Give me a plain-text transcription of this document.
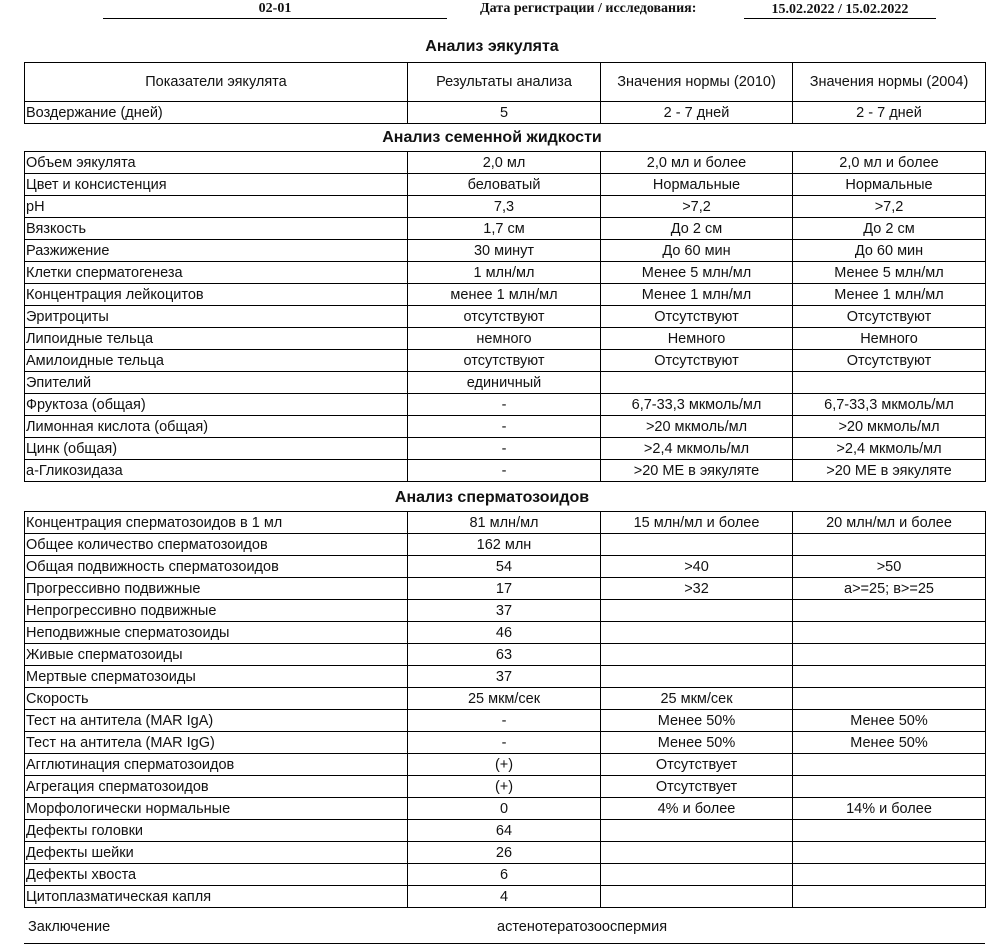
02-01	Дата регистрации / исследования:	15.02.2022 / 15.02.2022
Анализ эякулята
Показатели эякулята	Результаты анализа	Значения нормы (2010)	Значения нормы (2004)
Воздержание (дней)	5	2 - 7 дней	2 - 7 дней
Анализ семенной жидкости
Объем эякулята	2,0 мл	2,0 мл и более	2,0 мл и более
Цвет и консистенция	беловатый	Нормальные	Нормальные
pH	7,3	>7,2	>7,2
Вязкость	1,7 см	До 2 см	До 2 см
Разжижение	30 минут	До 60 мин	До 60 мин
Клетки сперматогенеза	1 млн/мл	Менее 5 млн/мл	Менее 5 млн/мл
Концентрация лейкоцитов	менее 1 млн/мл	Менее 1 млн/мл	Менее 1 млн/мл
Эритроциты	отсутствуют	Отсутствуют	Отсутствуют
Липоидные тельца	немного	Немного	Немного
Амилоидные тельца	отсутствуют	Отсутствуют	Отсутствуют
Эпителий	единичный		
Фруктоза (общая)	-	6,7-33,3 мкмоль/мл	6,7-33,3 мкмоль/мл
Лимонная кислота (общая)	-	>20 мкмоль/мл	>20 мкмоль/мл
Цинк (общая)	-	>2,4 мкмоль/мл	>2,4 мкмоль/мл
а-Гликозидаза	-	>20 МЕ в эякуляте	>20 МЕ в эякуляте
Анализ сперматозоидов
Концентрация сперматозоидов в 1 мл	81 млн/мл	15 млн/мл и более	20 млн/мл и более
Общее количество сперматозоидов	162 млн		
Общая подвижность сперматозоидов	54	>40	>50
Прогрессивно подвижные	17	>32	а>=25; в>=25
Непрогрессивно подвижные	37		
Неподвижные сперматозоиды	46		
Живые сперматозоиды	63		
Мертвые сперматозоиды	37		
Скорость	25 мкм/сек	25 мкм/сек	
Тест на антитела (MAR IgA)	-	Менее 50%	Менее 50%
Тест на антитела (MAR IgG)	-	Менее 50%	Менее 50%
Агглютинация сперматозоидов	(+)	Отсутствует	
Агрегация сперматозоидов	(+)	Отсутствует	
Морфологически нормальные	0	4% и более	14% и более
Дефекты головки	64		
Дефекты шейки	26		
Дефекты хвоста	6		
Цитоплазматическая капля	4		
Заключение	астенотератозооспермия
